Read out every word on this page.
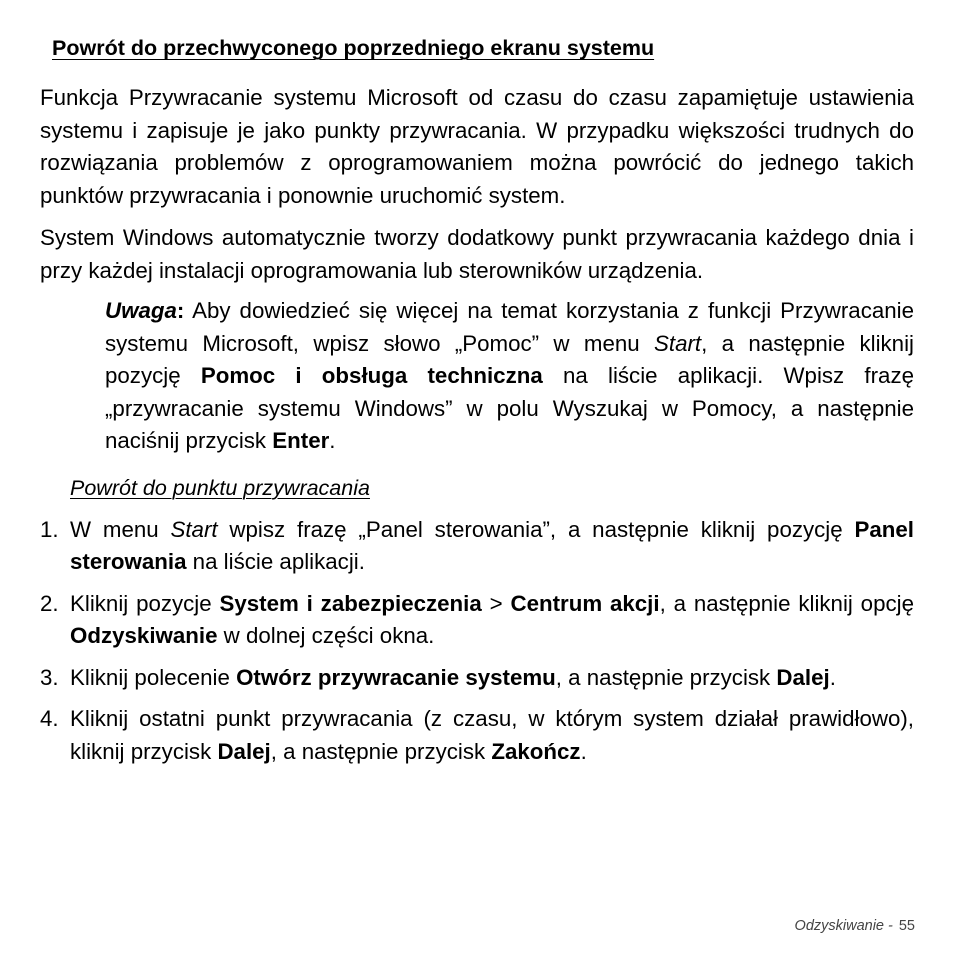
Powrót do przechwyconego poprzedniego ekranu systemu

Funkcja Przywracanie systemu Microsoft od czasu do czasu zapamiętuje ustawienia systemu i zapisuje je jako punkty przywracania. W przypadku większości trudnych do rozwiązania problemów z oprogramowaniem można powrócić do jednego takich punktów przywracania i ponownie uruchomić system.

System Windows automatycznie tworzy dodatkowy punkt przywracania każdego dnia i przy każdej instalacji oprogramowania lub sterowników urządzenia.

Uwaga: Aby dowiedzieć się więcej na temat korzystania z funkcji Przywracanie systemu Microsoft, wpisz słowo „Pomoc” w menu Start, a następnie kliknij pozycję Pomoc i obsługa techniczna na liście aplikacji. Wpisz frazę „przywracanie systemu Windows” w polu Wyszukaj w Pomocy, a następnie naciśnij przycisk Enter.
Powrót do punktu przywracania
1. W menu Start wpisz frazę „Panel sterowania”, a następnie kliknij pozycję Panel sterowania na liście aplikacji.
2. Kliknij pozycje System i zabezpieczenia > Centrum akcji, a następnie kliknij opcję Odzyskiwanie w dolnej części okna.
3. Kliknij polecenie Otwórz przywracanie systemu, a następnie przycisk Dalej.
4. Kliknij ostatni punkt przywracania (z czasu, w którym system działał prawidłowo), kliknij przycisk Dalej, a następnie przycisk Zakończ.
Odzyskiwanie - 55
